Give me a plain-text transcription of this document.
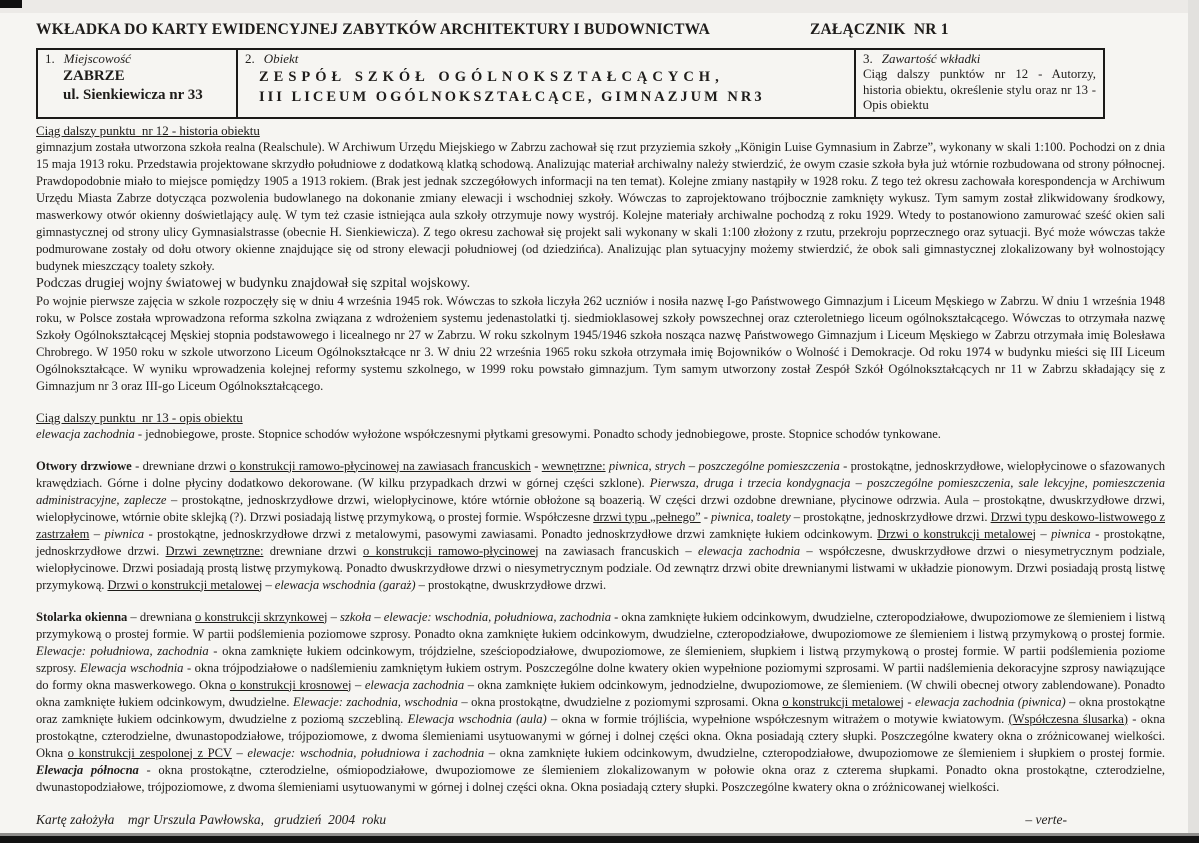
WKŁADKA DO KARTY EWIDENCYJNEJ ZABYTKÓW ARCHITEKTURY I BUDOWNICTWA	ZAŁĄCZNIK  NR 1
1. Miejscowość
ZABRZE
ul. Sienkiewicza nr 33

2. Obiekt
ZESPÓŁ SZKÓŁ OGÓLNOKSZTAŁCĄCYCH,
III LICEUM OGÓLNOKSZTAŁCĄCE, GIMNAZJUM NR3

3. Zawartość wkładki
Ciąg dalszy punktów nr 12 - Autorzy, historia obiektu, określenie stylu oraz nr 13 - Opis obiektu
Ciąg dalszy punktu  nr 12 - historia obiektu
gimnazjum została utworzona szkoła realna (Realschule). W Archiwum Urzędu Miejskiego w Zabrzu zachował się rzut przyziemia szkoły „Königin Luise Gymnasium in Zabrze”, wykonany w skali 1:100. Pochodzi on z dnia 15 maja 1913 roku. Przedstawia projektowane skrzydło południowe z dodatkową klatką schodową. Analizując materiał archiwalny należy stwierdzić, że owym czasie szkoła była już wtórnie rozbudowana od strony północnej. Prawdopodobnie miało to miejsce pomiędzy 1905 a 1913 rokiem. (Brak jest jednak szczegółowych informacji na ten temat). Kolejne zmiany nastąpiły w 1928 roku. Z tego też okresu zachowała korespondencja w Archiwum Urzędu Miasta Zabrze dotycząca pozwolenia budowlanego na dokonanie zmiany elewacji i wschodniej szkoły. Wówczas to zaprojektowano trójbocznie zamknięty wykusz. Tym samym został zlikwidowany środkowy, maswerkowy otwór okienny doświetlający aulę. W tym też czasie istniejąca aula szkoły otrzymuje nowy wystrój. Kolejne materiały archiwalne pochodzą z roku 1929. Wtedy to postanowiono zamurować sześć okien sali gimnastycznej od strony ulicy Gymnasialstrasse (obecnie H. Sienkiewicza). Z tego okresu zachował się projekt sali wykonany w skali 1:100 złożony z rzutu, przekroju poprzecznego oraz sytuacji. Być może wówczas także podmurowane zostały od dołu otwory okienne znajdujące się od strony elewacji południowej (od dziedzińca). Analizując plan sytuacyjny możemy stwierdzić, że obok sali gimnastycznej zlokalizowany był wolnostojący budynek mieszczący toalety szkoły.
Podczas drugiej wojny światowej w budynku znajdował się szpital wojskowy.
Po wojnie pierwsze zajęcia w szkole rozpoczęły się w dniu 4 września 1945 rok. Wówczas to szkoła liczyła 262 uczniów i nosiła nazwę I-go Państwowego Gimnazjum i Liceum Męskiego w Zabrzu. W dniu 1 września 1948 roku, w Polsce została wprowadzona reforma szkolna związana z wdrożeniem systemu jedenastolatki tj. siedmioklasowej szkoły powszechnej oraz czteroletniego liceum ogólnokształcącego. Wówczas to otrzymała nazwę Szkoły Ogólnokształcącej Męskiej stopnia podstawowego i licealnego nr 27 w Zabrzu. W roku szkolnym 1945/1946 szkoła nosząca nazwę Państwowego Gimnazjum i Liceum Męskiego w Zabrzu otrzymała imię Bolesława Chrobrego. W 1950 roku w szkole utworzono Liceum Ogólnokształcące nr 3. W dniu 22 września 1965 roku szkoła otrzymała imię Bojowników o Wolność i Demokracje. Od roku 1974 w budynku mieści się III Liceum Ogólnokształcące. W wyniku wprowadzenia kolejnej reformy systemu szkolnego, w 1999 roku powstało gimnazjum. Tym samym utworzony został Zespół Szkół Ogólnokształcących nr 11 w Zabrzu składający się z Gimnazjum nr 3 oraz III-go Liceum Ogólnokształcącego.
Ciąg dalszy punktu  nr 13 - opis obiektu
elewacja zachodnia - jednobiegowe, proste. Stopnice schodów wyłożone współczesnymi płytkami gresowymi. Ponadto schody jednobiegowe, proste. Stopnice schodów tynkowane.
Otwory drzwiowe - drewniane drzwi o konstrukcji ramowo-płycinowej na zawiasach francuskich - wewnętrzne: piwnica, strych – poszczególne pomieszczenia - prostokątne, jednoskrzydłowe, wielopłycinowe o sfazowanych krawędziach. Górne i dolne płyciny dodatkowo dekorowane. (W kilku przypadkach drzwi w górnej części szklone). Pierwsza, druga i trzecia kondygnacja – poszczególne pomieszczenia, sale lekcyjne, pomieszczenia administracyjne, zaplecze – prostokątne, jednoskrzydłowe drzwi, wielopłycinowe, które wtórnie obłożone są boazerią. W części drzwi ozdobne drewniane, płycinowe odrzwia. Aula – prostokątne, dwuskrzydłowe drzwi, wielopłycinowe, wtórnie obite sklejką (?). Drzwi posiadają listwę przymykową, o prostej formie. Współczesne drzwi typu „pełnego” - piwnica, toalety – prostokątne, jednoskrzydłowe drzwi. Drzwi typu deskowo-listwowego z zastrzałem – piwnica - prostokątne, jednoskrzydłowe drzwi z metalowymi, pasowymi zawiasami. Ponadto jednoskrzydłowe drzwi zamknięte łukiem odcinkowym. Drzwi o konstrukcji metalowej – piwnica - prostokątne, jednoskrzydłowe drzwi. Drzwi zewnętrzne: drewniane drzwi o konstrukcji ramowo-płycinowej na zawiasach francuskich – elewacja zachodnia – współczesne, dwuskrzydłowe drzwi o niesymetrycznym podziale, wielopłycinowe. Drzwi posiadają prostą listwę przymykową. Ponadto dwuskrzydłowe drzwi o niesymetrycznym podziale. Od zewnątrz drzwi obite drewnianymi listwami w układzie pionowym. Drzwi posiadają prostą listwę przymykową. Drzwi o konstrukcji metalowej – elewacja wschodnia (garaż) – prostokątne, dwuskrzydłowe drzwi.
Stolarka okienna – drewniana o konstrukcji skrzynkowej – szkoła – elewacje: wschodnia, południowa, zachodnia - okna zamknięte łukiem odcinkowym, dwudzielne, czteropodziałowe, dwupoziomowe ze ślemieniem i listwą przymykową o prostej formie. W partii podślemienia poziomowe szprosy. Ponadto okna zamknięte łukiem odcinkowym, dwudzielne, czteropodziałowe, dwupoziomowe ze ślemieniem i listwą przymykową o prostej formie. Elewacje: południowa, zachodnia - okna zamknięte łukiem odcinkowym, trójdzielne, sześciopodziałowe, dwupoziomowe, ze ślemieniem, słupkiem i listwą przymykową o prostej formie. W partii podślemienia poziome szprosy. Elewacja wschodnia - okna trójpodziałowe o nadślemieniu zamkniętym łukiem ostrym. Poszczególne dolne kwatery okien wypełnione poziomymi szprosami. W partii nadślemienia dekoracyjne szprosy nawiązujące do formy okna maswerkowego. Okna o konstrukcji krosnowej – elewacja zachodnia – okna zamknięte łukiem odcinkowym, jednodzielne, dwupoziomowe, ze ślemieniem. (W chwili obecnej otwory zablendowane). Ponadto okna zamknięte łukiem odcinkowym, dwudzielne. Elewacje: zachodnia, wschodnia – okna prostokątne, dwudzielne z poziomymi szprosami. Okna o konstrukcji metalowej - elewacja zachodnia (piwnica) – okna prostokątne oraz zamknięte łukiem odcinkowym, dwudzielne z poziomą szczebliną. Elewacja wschodnia (aula) – okna w formie trójliścia, wypełnione współczesnym witrażem o motywie kwiatowym. (Współczesna ślusarka) - okna prostokątne, czterodzielne, dwunastopodziałowe, trójpoziomowe, z dwoma ślemieniami usytuowanymi w górnej i dolnej części okna. Okna posiadają cztery słupki. Poszczególne kwatery okna o zróżnicowanej wielkości. Okna o konstrukcji zespolonej z PCV – elewacje: wschodnia, południowa i zachodnia – okna zamknięte łukiem odcinkowym, dwudzielne, czteropodziałowe, dwupoziomowe ze ślemieniem i słupkiem o prostej formie. Elewacja północna - okna prostokątne, czterodzielne, ośmiopodziałowe, dwupoziomowe ze ślemieniem zlokalizowanym w połowie okna oraz z czterema słupkami. Ponadto okna prostokątne, czterodzielne, dwunastopodziałowe, trójpoziomowe, z dwoma ślemieniami usytuowanymi w górnej i dolnej części okna. Okna posiadają cztery słupki. Poszczególne kwatery okna o zróżnicowanej wielkości.
Kartę założyła    mgr Urszula Pawłowska,   grudzień  2004  roku	– verte-
